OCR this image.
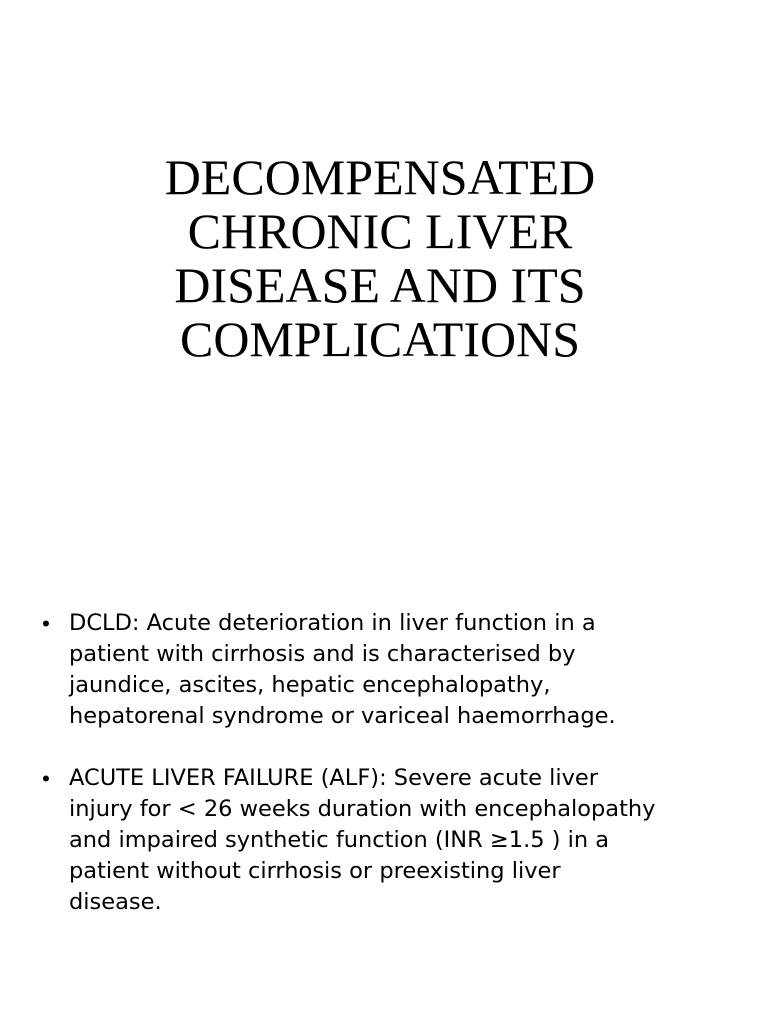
DECOMPENSATED
CHRONIC LIVER
DISEASE AND ITS
COMPLICATIONS
• DCLD: Acute deterioration in liver function in a
patient with cirrhosis and is characterised by
jaundice, ascites, hepatic encephalopathy,
hepatorenal syndrome or variceal haemorrhage.
• ACUTE LIVER FAILURE (ALF): Severe acute liver
injury for < 26 weeks duration with encephalopathy
and impaired synthetic function (INR ≥1.5 ) in a
patient without cirrhosis or preexisting liver
disease.
